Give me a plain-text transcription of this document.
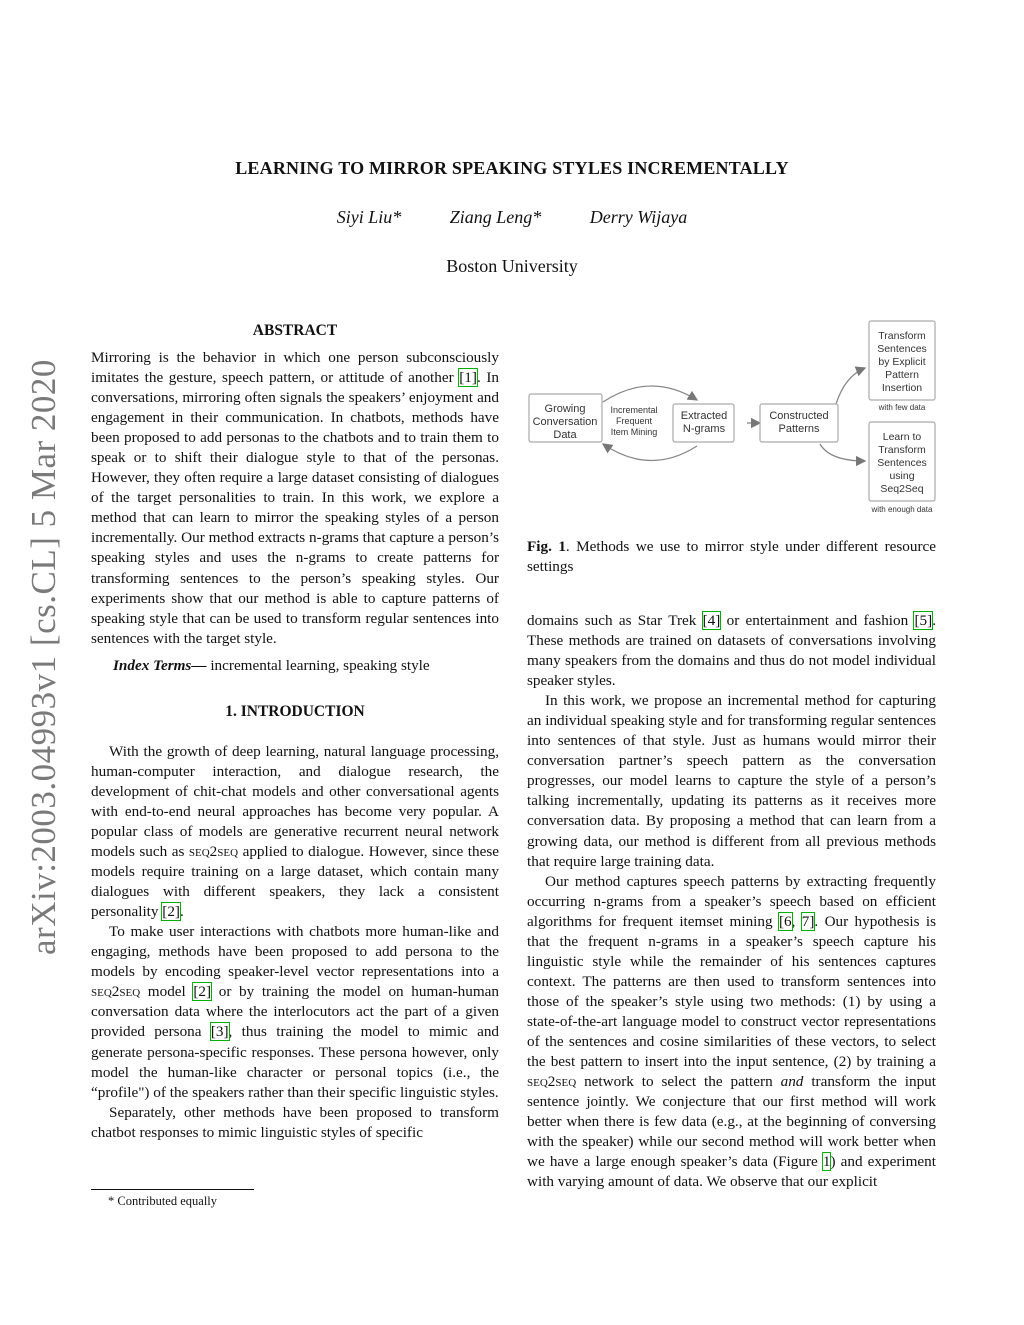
arXiv:2003.04993v1 [cs.CL] 5 Mar 2020
LEARNING TO MIRROR SPEAKING STYLES INCREMENTALLY
Siyi Liu*	Ziang Leng*	Derry Wijaya
Boston University
ABSTRACT

Mirroring is the behavior in which one person subconsciously imitates the gesture, speech pattern, or attitude of another [1]. In conversations, mirroring often signals the speakers’ enjoyment and engagement in their communication. In chatbots, methods have been proposed to add personas to the chatbots and to train them to speak or to shift their dialogue style to that of the personas. However, they often require a large dataset consisting of dialogues of the target personalities to train. In this work, we explore a method that can learn to mirror the speaking styles of a person incrementally. Our method extracts n-grams that capture a person’s speaking styles and uses the n-grams to create patterns for transforming sentences to the person’s speaking styles. Our experiments show that our method is able to capture patterns of speaking style that can be used to transform regular sentences into sentences with the target style.

Index Terms— incremental learning, speaking style

1. INTRODUCTION

With the growth of deep learning, natural language processing, human-computer interaction, and dialogue research, the development of chit-chat models and other conversational agents with end-to-end neural approaches has become very popular. A popular class of models are generative recurrent neural network models such as seq2seq applied to dialogue. However, since these models require training on a large dataset, which contain many dialogues with different speakers, they lack a consistent personality [2].

To make user interactions with chatbots more human-like and engaging, methods have been proposed to add persona to the models by encoding speaker-level vector representations into a seq2seq model [2] or by training the model on human-human conversation data where the interlocutors act the part of a given provided persona [3], thus training the model to mimic and generate persona-specific responses. These persona however, only model the human-like character or personal topics (i.e., the “profile") of the speakers rather than their specific linguistic styles.

Separately, other methods have been proposed to transform chatbot responses to mimic linguistic styles of specific

* Contributed equally
Growing
Conversation
Data
Incremental
Frequent
Item Mining
Extracted
N-grams
Constructed
Patterns
Transform
Sentences
by Explicit
Pattern
Insertion
with few data
Learn to
Transform
Sentences
using
Seq2Seq
with enough data
Fig. 1. Methods we use to mirror style under different resource settings

domains such as Star Trek [4] or entertainment and fashion [5]. These methods are trained on datasets of conversations involving many speakers from the domains and thus do not model individual speaker styles.

In this work, we propose an incremental method for capturing an individual speaking style and for transforming regular sentences into sentences of that style. Just as humans would mirror their conversation partner’s speech pattern as the conversation progresses, our model learns to capture the style of a person’s talking incrementally, updating its patterns as it receives more conversation data. By proposing a method that can learn from a growing data, our method is different from all previous methods that require large training data.

Our method captures speech patterns by extracting frequently occurring n-grams from a speaker’s speech based on efficient algorithms for frequent itemset mining [6, 7]. Our hypothesis is that the frequent n-grams in a speaker’s speech capture his linguistic style while the remainder of his sentences captures context. The patterns are then used to transform sentences into those of the speaker’s style using two methods: (1) by using a state-of-the-art language model to construct vector representations of the sentences and cosine similarities of these vectors, to select the best pattern to insert into the input sentence, (2) by training a seq2seq network to select the pattern and transform the input sentence jointly. We conjecture that our first method will work better when there is few data (e.g., at the beginning of conversing with the speaker) while our second method will work better when we have a large enough speaker’s data (Figure 1) and experiment with varying amount of data. We observe that our explicit
